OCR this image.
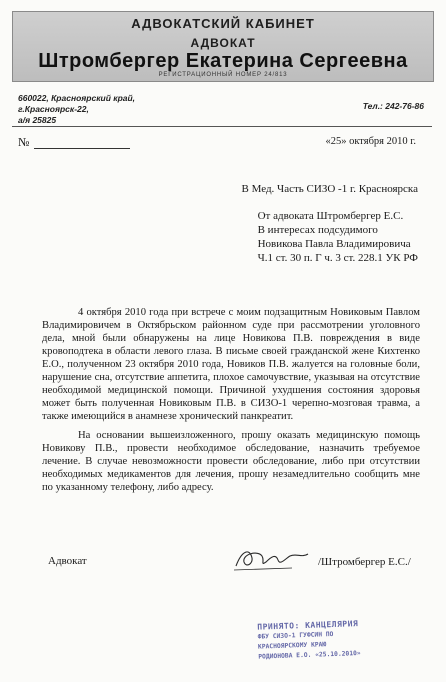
АДВОКАТСКИЙ КАБИНЕТ
АДВОКАТ
Штромбергер Екатерина Сергеевна
РЕГИСТРАЦИОННЫЙ НОМЕР 24/813
660022, Красноярский край,
г.Красноярск-22,
а/я 25825
Тел.: 242-76-86
№	«25» октября 2010 г.
В Мед. Часть СИЗО -1 г. Красноярска
От адвоката Штромбергер Е.С.
В интересах подсудимого
Новикова Павла Владимировича
Ч.1 ст. 30 п. Г ч. 3 ст. 228.1 УК РФ

4 октября 2010 года при встрече с моим подзащитным Новиковым Павлом Владимировичем в Октябрьском районном суде при рассмотрении уголовного дела, мной были обнаружены на лице Новикова П.В. повреждения в виде кровоподтека в области левого глаза. В письме своей гражданской жене Кихтенко Е.О., полученном 23 октября 2010 года, Новиков П.В. жалуется на головные боли, нарушение сна, отсутствие аппетита, плохое самочувствие, указывая на отсутствие необходимой медицинской помощи. Причиной ухудшения состояния здоровья может быть полученная Новиковым П.В. в СИЗО-1 черепно-мозговая травма, а также имеющийся в анамнезе хронический панкреатит.

На основании вышеизложенного, прошу оказать медицинскую помощь Новикову П.В., провести необходимое обследование, назначить требуемое лечение. В случае невозможности провести обследование, либо при отсутствии необходимых медикаментов для лечения, прошу незамедлительно сообщить мне по указанному телефону, либо адресу.

Адвокат	/Штромбергер Е.С./
ПРИНЯТО: КАНЦЕЛЯРИЯ
ФБУ СИЗО-1 ГУФСИН ПО
КРАСНОЯРСКОМУ КРАЮ
РОДИОНОВА Е.О. «25.10.2010»
